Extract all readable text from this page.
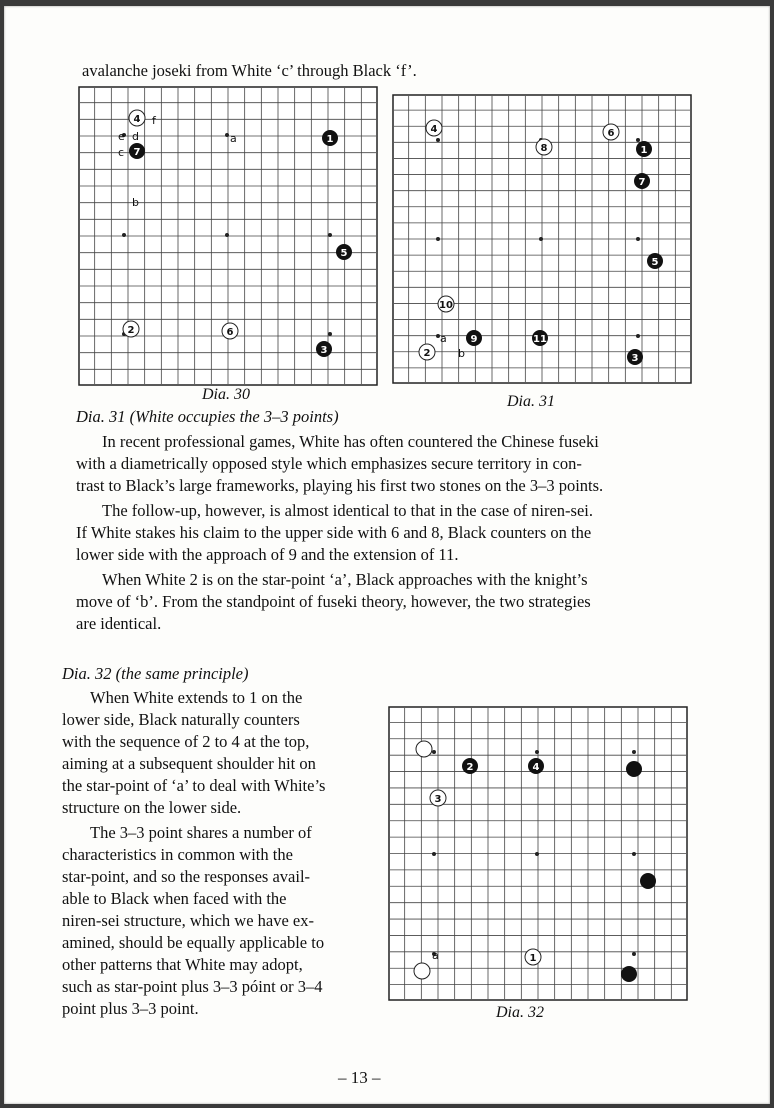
avalanche joseki from White ‘c’ through Black ‘f’.
f
e d
c
a
b
4
7
1
5
2	6
3
Dia. 30
a
b
4
8
6
1
7
5
10
9	11
2	3
Dia. 31
Dia. 31 (White occupies the 3–3 points)
In recent professional games, White has often countered the Chinese fuseki
with a diametrically opposed style which emphasizes secure territory in con-
trast to Black’s large frameworks, playing his first two stones on the 3–3 points.
The follow-up, however, is almost identical to that in the case of niren-sei.
If White stakes his claim to the upper side with 6 and 8, Black counters on the
lower side with the approach of 9 and the extension of 11.
When White 2 is on the star-point ‘a’, Black approaches with the knight’s
move of ‘b’. From the standpoint of fuseki theory, however, the two strategies
are identical.
Dia. 32 (the same principle)
When White extends to 1 on the
lower side, Black naturally counters
with the sequence of 2 to 4 at the top,
aiming at a subsequent shoulder hit on
the star-point of ‘a’ to deal with White’s
structure on the lower side.
The 3–3 point shares a number of
characteristics in common with the
star-point, and so the responses avail-
able to Black when faced with the
niren-sei structure, which we have ex-
amined, should be equally applicable to
other patterns that White may adopt,
such as star-point plus 3–3 póint or 3–4
point plus 3–3 point.
a
2	4
3
1
Dia. 32
– 13 –
